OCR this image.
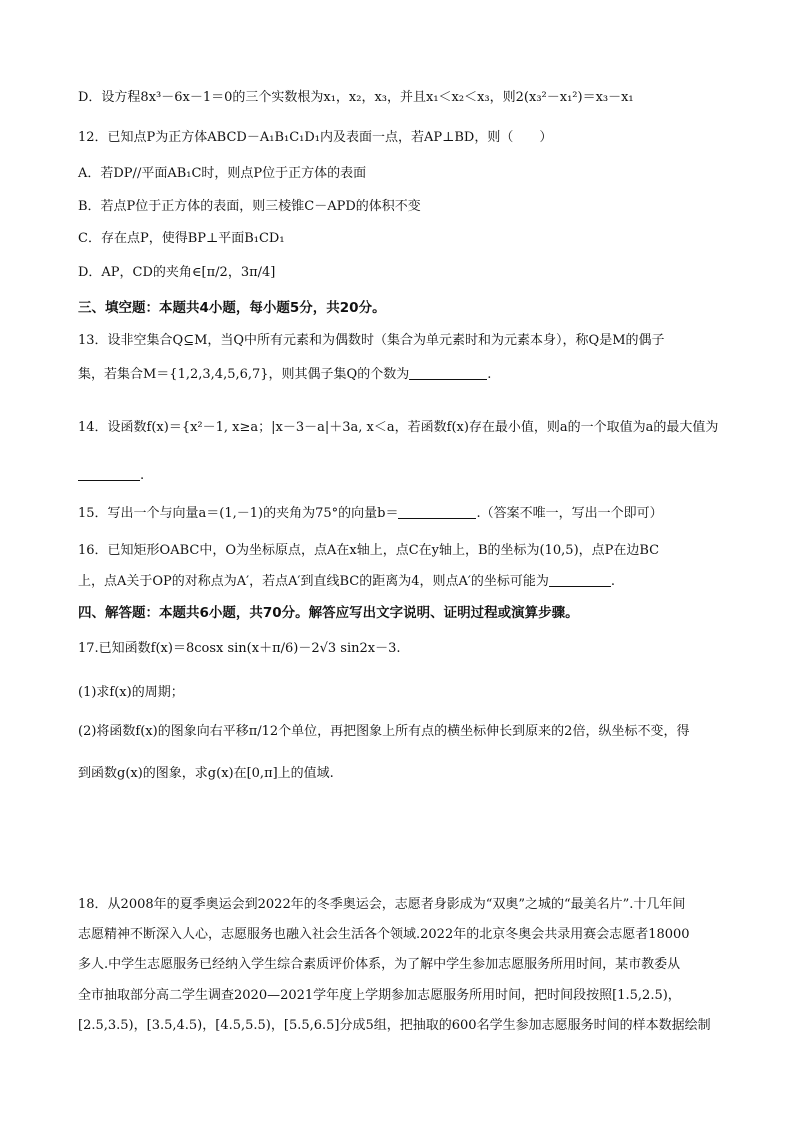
D．设方程8x³－6x－1＝0的三个实数根为x₁，x₂，x₃，并且x₁＜x₂＜x₃，则2(x₃²－x₁²)＝x₃－x₁
12．已知点P为正方体ABCD－A₁B₁C₁D₁内及表面一点，若AP⊥BD，则（　　）
A．若DP//平面AB₁C时，则点P位于正方体的表面
B．若点P位于正方体的表面，则三棱锥C－APD的体积不变
C．存在点P，使得BP⊥平面B₁CD₁
D．AP，CD的夹角∈[π/2，3π/4]
三、填空题：本题共4小题，每小题5分，共20分。
13．设非空集合Q⊆M，当Q中所有元素和为偶数时（集合为单元素时和为元素本身），称Q是M的偶子
集，若集合M＝{1,2,3,4,5,6,7}，则其偶子集Q的个数为	.
14．设函数f(x)＝{x²－1, x≥a；|x－3－a|＋3a, x＜a，若函数f(x)存在最小值，则a的一个取值为a的最大值为
.
15．写出一个与向量a＝(1,－1)的夹角为75°的向量b＝	.（答案不唯一，写出一个即可）
16．已知矩形OABC中，O为坐标原点，点A在x轴上，点C在y轴上，B的坐标为(10,5)，点P在边BC
上，点A关于OP的对称点为A′，若点A′到直线BC的距离为4，则点A′的坐标可能为	.
四、解答题：本题共6小题，共70分。解答应写出文字说明、证明过程或演算步骤。
17.已知函数f(x)＝8cosx sin(x＋π/6)－2√3 sin2x－3.
(1)求f(x)的周期；
(2)将函数f(x)的图象向右平移π/12个单位，再把图象上所有点的横坐标伸长到原来的2倍，纵坐标不变，得
到函数g(x)的图象，求g(x)在[0,π]上的值域.
18．从2008年的夏季奥运会到2022年的冬季奥运会，志愿者身影成为“双奥”之城的“最美名片”.十几年间
志愿精神不断深入人心，志愿服务也融入社会生活各个领域.2022年的北京冬奥会共录用赛会志愿者18000
多人.中学生志愿服务已经纳入学生综合素质评价体系，为了解中学生参加志愿服务所用时间，某市教委从
全市抽取部分高二学生调查2020—2021学年度上学期参加志愿服务所用时间，把时间段按照[1.5,2.5)，
[2.5,3.5)，[3.5,4.5)，[4.5,5.5)，[5.5,6.5]分成5组，把抽取的600名学生参加志愿服务时间的样本数据绘制
